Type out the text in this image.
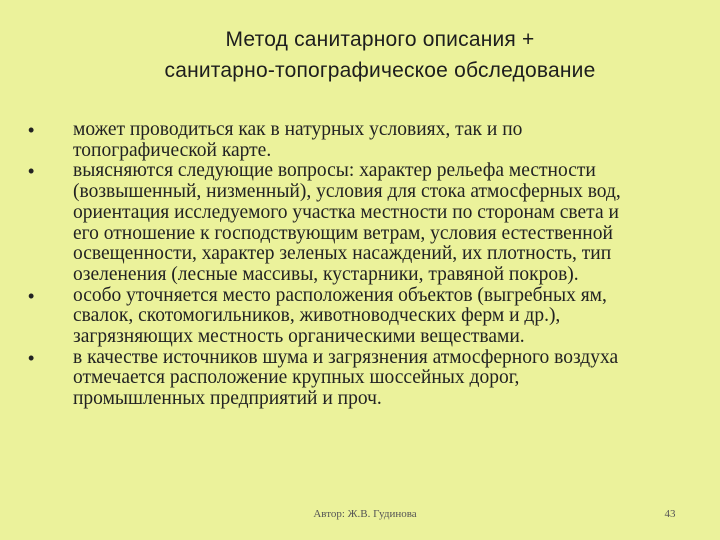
Метод санитарного описания +
санитарно-топографическое обследование
•	может проводиться как в натурных условиях, так и по
топографической карте.
•	выясняются следующие вопросы: характер рельефа местности
(возвышенный, низменный), условия для стока атмосферных вод,
ориентация исследуемого участка местности по сторонам света и
его отношение к господствующим ветрам, условия естественной
освещенности, характер зеленых насаждений, их плотность, тип
озеленения (лесные массивы, кустарники, травяной покров).
•	особо уточняется место расположения объектов (выгребных ям,
свалок, скотомогильников, животноводческих ферм и др.),
загрязняющих местность органическими веществами.
•	в качестве источников шума и загрязнения атмосферного воздуха
отмечается расположение крупных шоссейных дорог,
промышленных предприятий и проч.
Автор: Ж.В. Гудинова	43
